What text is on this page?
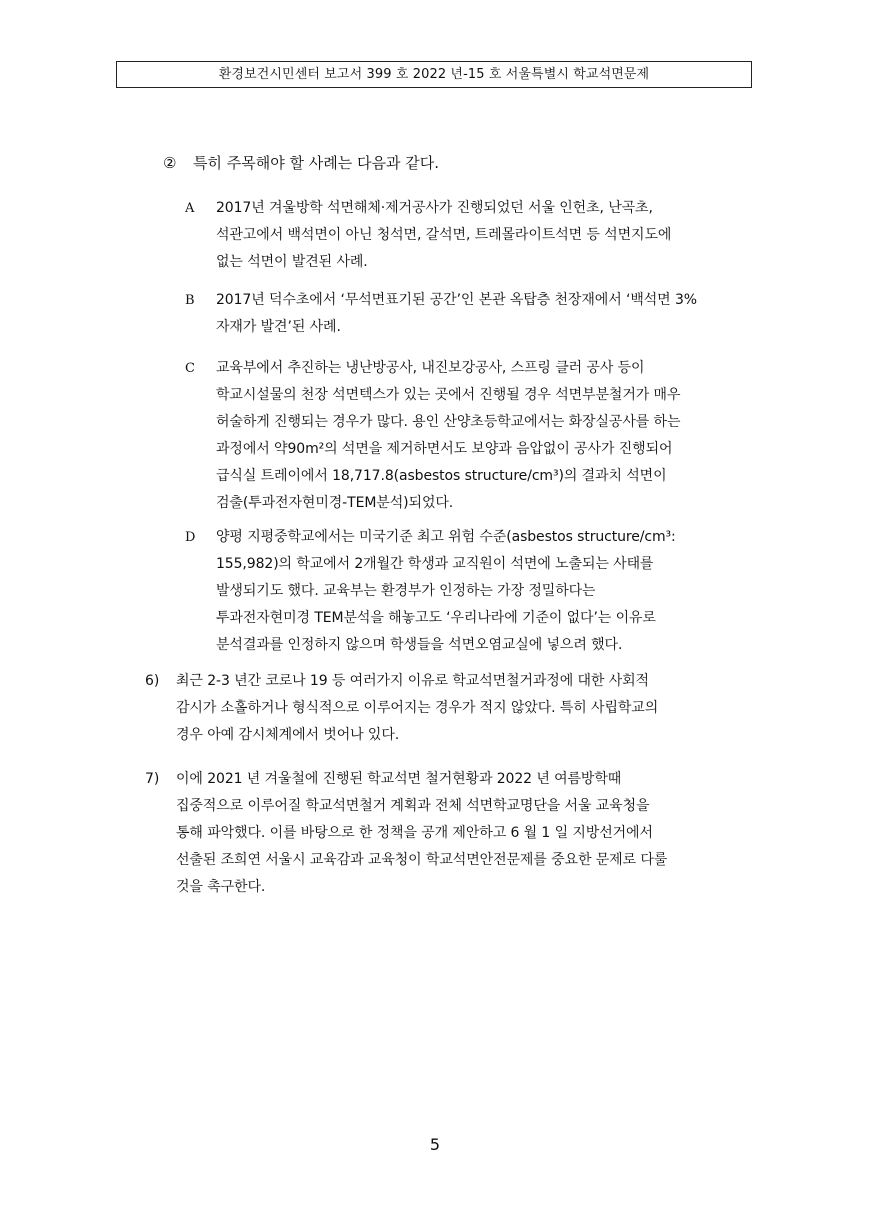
환경보건시민센터 보고서 399 호 2022 년-15 호 서울특별시 학교석면문제
② 특히 주목해야 할 사례는 다음과 같다.
A	2017년 겨울방학 석면해체·제거공사가 진행되었던 서울 인헌초, 난곡초,
석관고에서 백석면이 아닌 청석면, 갈석면, 트레몰라이트석면 등 석면지도에
없는 석면이 발견된 사례.
B	2017년 덕수초에서 ‘무석면표기된 공간’인 본관 옥탑층 천장재에서 ‘백석면 3%
자재가 발견’된 사례.
C	교육부에서 추진하는 냉난방공사, 내진보강공사, 스프링 클러 공사 등이
학교시설물의 천장 석면텍스가 있는 곳에서 진행될 경우 석면부분철거가 매우
허술하게 진행되는 경우가 많다. 용인 산양초등학교에서는 화장실공사를 하는
과정에서 약90m²의 석면을 제거하면서도 보양과 음압없이 공사가 진행되어
급식실 트레이에서 18,717.8(asbestos structure/cm³)의 결과치 석면이
검출(투과전자현미경-TEM분석)되었다.
D	양평 지평중학교에서는 미국기준 최고 위험 수준(asbestos structure/cm³:
155,982)의 학교에서 2개월간 학생과 교직원이 석면에 노출되는 사태를
발생되기도 했다. 교육부는 환경부가 인정하는 가장 정밀하다는
투과전자현미경 TEM분석을 해놓고도 ‘우리나라에 기준이 없다’는 이유로
분석결과를 인정하지 않으며 학생들을 석면오염교실에 넣으려 했다.
6) 최근 2-3 년간 코로나 19 등 여러가지 이유로 학교석면철거과정에 대한 사회적
감시가 소홀하거나 형식적으로 이루어지는 경우가 적지 않았다. 특히 사립학교의
경우 아예 감시체계에서 벗어나 있다.
7) 이에 2021 년 겨울철에 진행된 학교석면 철거현황과 2022 년 여름방학때
집중적으로 이루어질 학교석면철거 계획과 전체 석면학교명단을 서울 교육청을
통해 파악했다. 이를 바탕으로 한 정책을 공개 제안하고 6 월 1 일 지방선거에서
선출된 조희연 서울시 교육감과 교육청이 학교석면안전문제를 중요한 문제로 다룰
것을 촉구한다.
5
